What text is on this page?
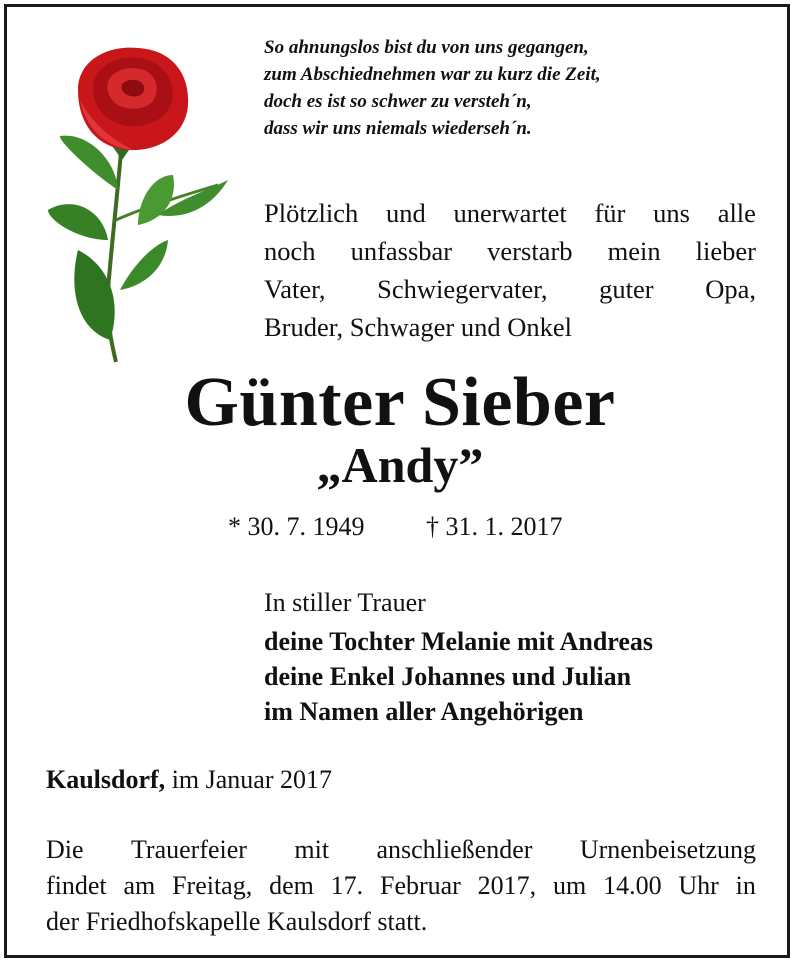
So ahnungslos bist du von uns gegangen,
zum Abschiednehmen war zu kurz die Zeit,
doch es ist so schwer zu versteh´n,
dass wir uns niemals wiederseh´n.
Plötzlich und unerwartet für uns alle
noch unfassbar verstarb mein lieber
Vater, Schwiegervater, guter Opa,
Bruder, Schwager und Onkel
Günter Sieber
„Andy”
* 30. 7. 1949 † 31. 1. 2017
In stiller Trauer
deine Tochter Melanie mit Andreas
deine Enkel Johannes und Julian
im Namen aller Angehörigen
Kaulsdorf, im Januar 2017
Die Trauerfeier mit anschließender Urnenbeisetzung
findet am Freitag, dem 17. Februar 2017, um 14.00 Uhr in
der Friedhofskapelle Kaulsdorf statt.
